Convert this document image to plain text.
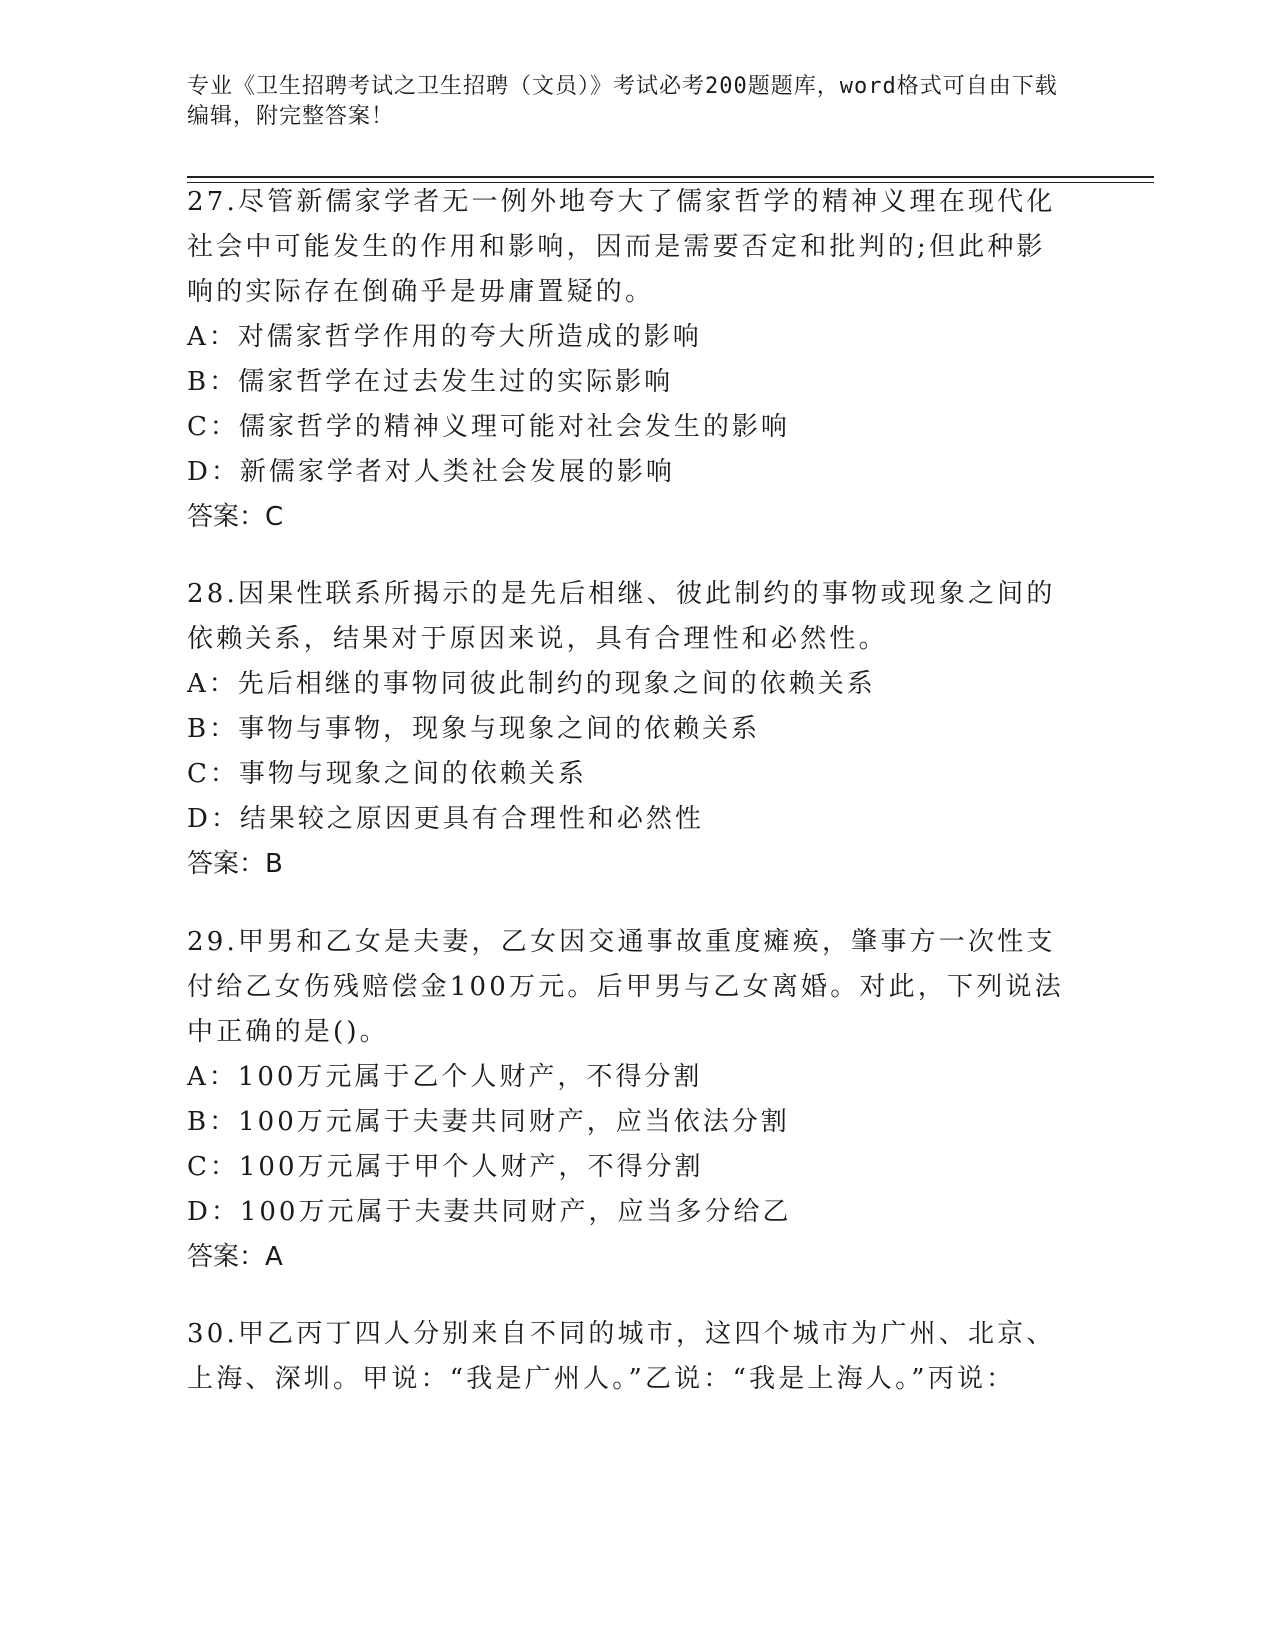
专业《卫生招聘考试之卫生招聘（文员）》考试必考200题题库，word格式可自由下载编辑，附完整答案！

27.尽管新儒家学者无一例外地夸大了儒家哲学的精神义理在现代化社会中可能发生的作用和影响，因而是需要否定和批判的;但此种影响的实际存在倒确乎是毋庸置疑的。

A：对儒家哲学作用的夸大所造成的影响

B：儒家哲学在过去发生过的实际影响

C：儒家哲学的精神义理可能对社会发生的影响

D：新儒家学者对人类社会发展的影响

答案：C

28.因果性联系所揭示的是先后相继、彼此制约的事物或现象之间的依赖关系，结果对于原因来说，具有合理性和必然性。

A：先后相继的事物同彼此制约的现象之间的依赖关系

B：事物与事物，现象与现象之间的依赖关系

C：事物与现象之间的依赖关系

D：结果较之原因更具有合理性和必然性

答案：B

29.甲男和乙女是夫妻，乙女因交通事故重度瘫痪，肇事方一次性支付给乙女伤残赔偿金100万元。后甲男与乙女离婚。对此，下列说法中正确的是()。

A：100万元属于乙个人财产，不得分割

B：100万元属于夫妻共同财产，应当依法分割

C：100万元属于甲个人财产，不得分割

D：100万元属于夫妻共同财产，应当多分给乙

答案：A

30.甲乙丙丁四人分别来自不同的城市，这四个城市为广州、北京、上海、深圳。甲说：“我是广州人。”乙说：“我是上海人。”丙说：
